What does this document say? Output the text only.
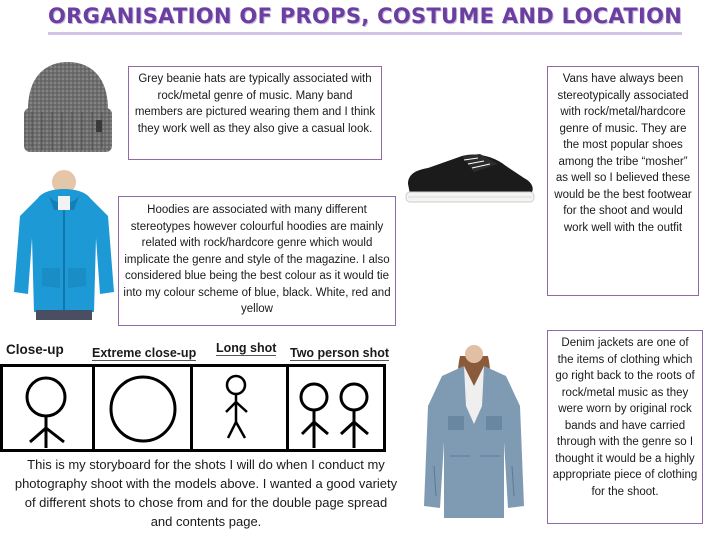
ORGANISATION OF PROPS, COSTUME AND LOCATION
Grey beanie hats are typically associated with rock/metal genre of music. Many band members are pictured wearing them and I think they work well as they also give a casual look.
Hoodies are associated with many different stereotypes however colourful hoodies are mainly related with rock/hardcore genre which would implicate the genre and style of the magazine. I also considered blue being the best colour as it would tie into my colour scheme of blue, black. White, red and yellow
Vans have always been stereotypically associated with rock/metal/hardcore genre of music. They are the most popular shoes among the tribe “mosher” as well so I believed these would be the best footwear for the shoot and would work well with the outfit
Denim jackets are one of the items of clothing which go right back to the roots of rock/metal music as they were worn by original rock bands and have carried through with the genre so I thought it would be a highly appropriate piece of clothing for the shoot.
Close-up Extreme close-up Long shot Two person shot
This is my storyboard for the shots I will do when I conduct my photography shoot with the models above. I wanted a good variety of different shots to chose from and for the double page spread and contents page.
